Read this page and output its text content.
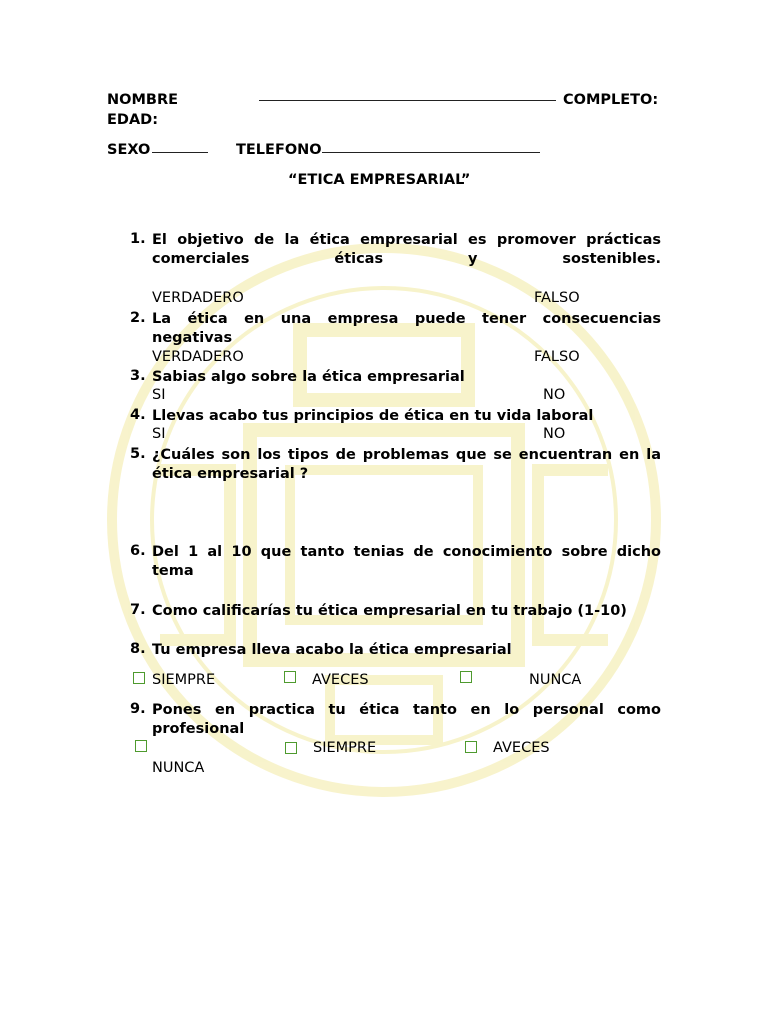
NOMBRE	COMPLETO:
EDAD:
SEXO	TELEFONO
“ETICA EMPRESARIAL”
1. El objetivo de la ética empresarial es promover prácticas comerciales éticas y sostenibles.
VERDADERO	FALSO
2. La ética en una empresa puede tener consecuencias negativas
VERDADERO	FALSO
3. Sabias algo sobre la ética empresarial
SI	NO
4. Llevas acabo tus principios de ética en tu vida laboral
SI	NO
5. ¿Cuáles son los tipos de problemas que se encuentran en la ética empresarial ?
6. Del 1 al 10 que tanto tenias de conocimiento sobre dicho tema
7. Como calificarías tu ética empresarial en tu trabajo (1-10)
8. Tu empresa lleva acabo la ética empresarial
SIEMPRE	AVECES	NUNCA
9. Pones en practica tu ética tanto en lo personal como profesional
SIEMPRE	AVECES
NUNCA
